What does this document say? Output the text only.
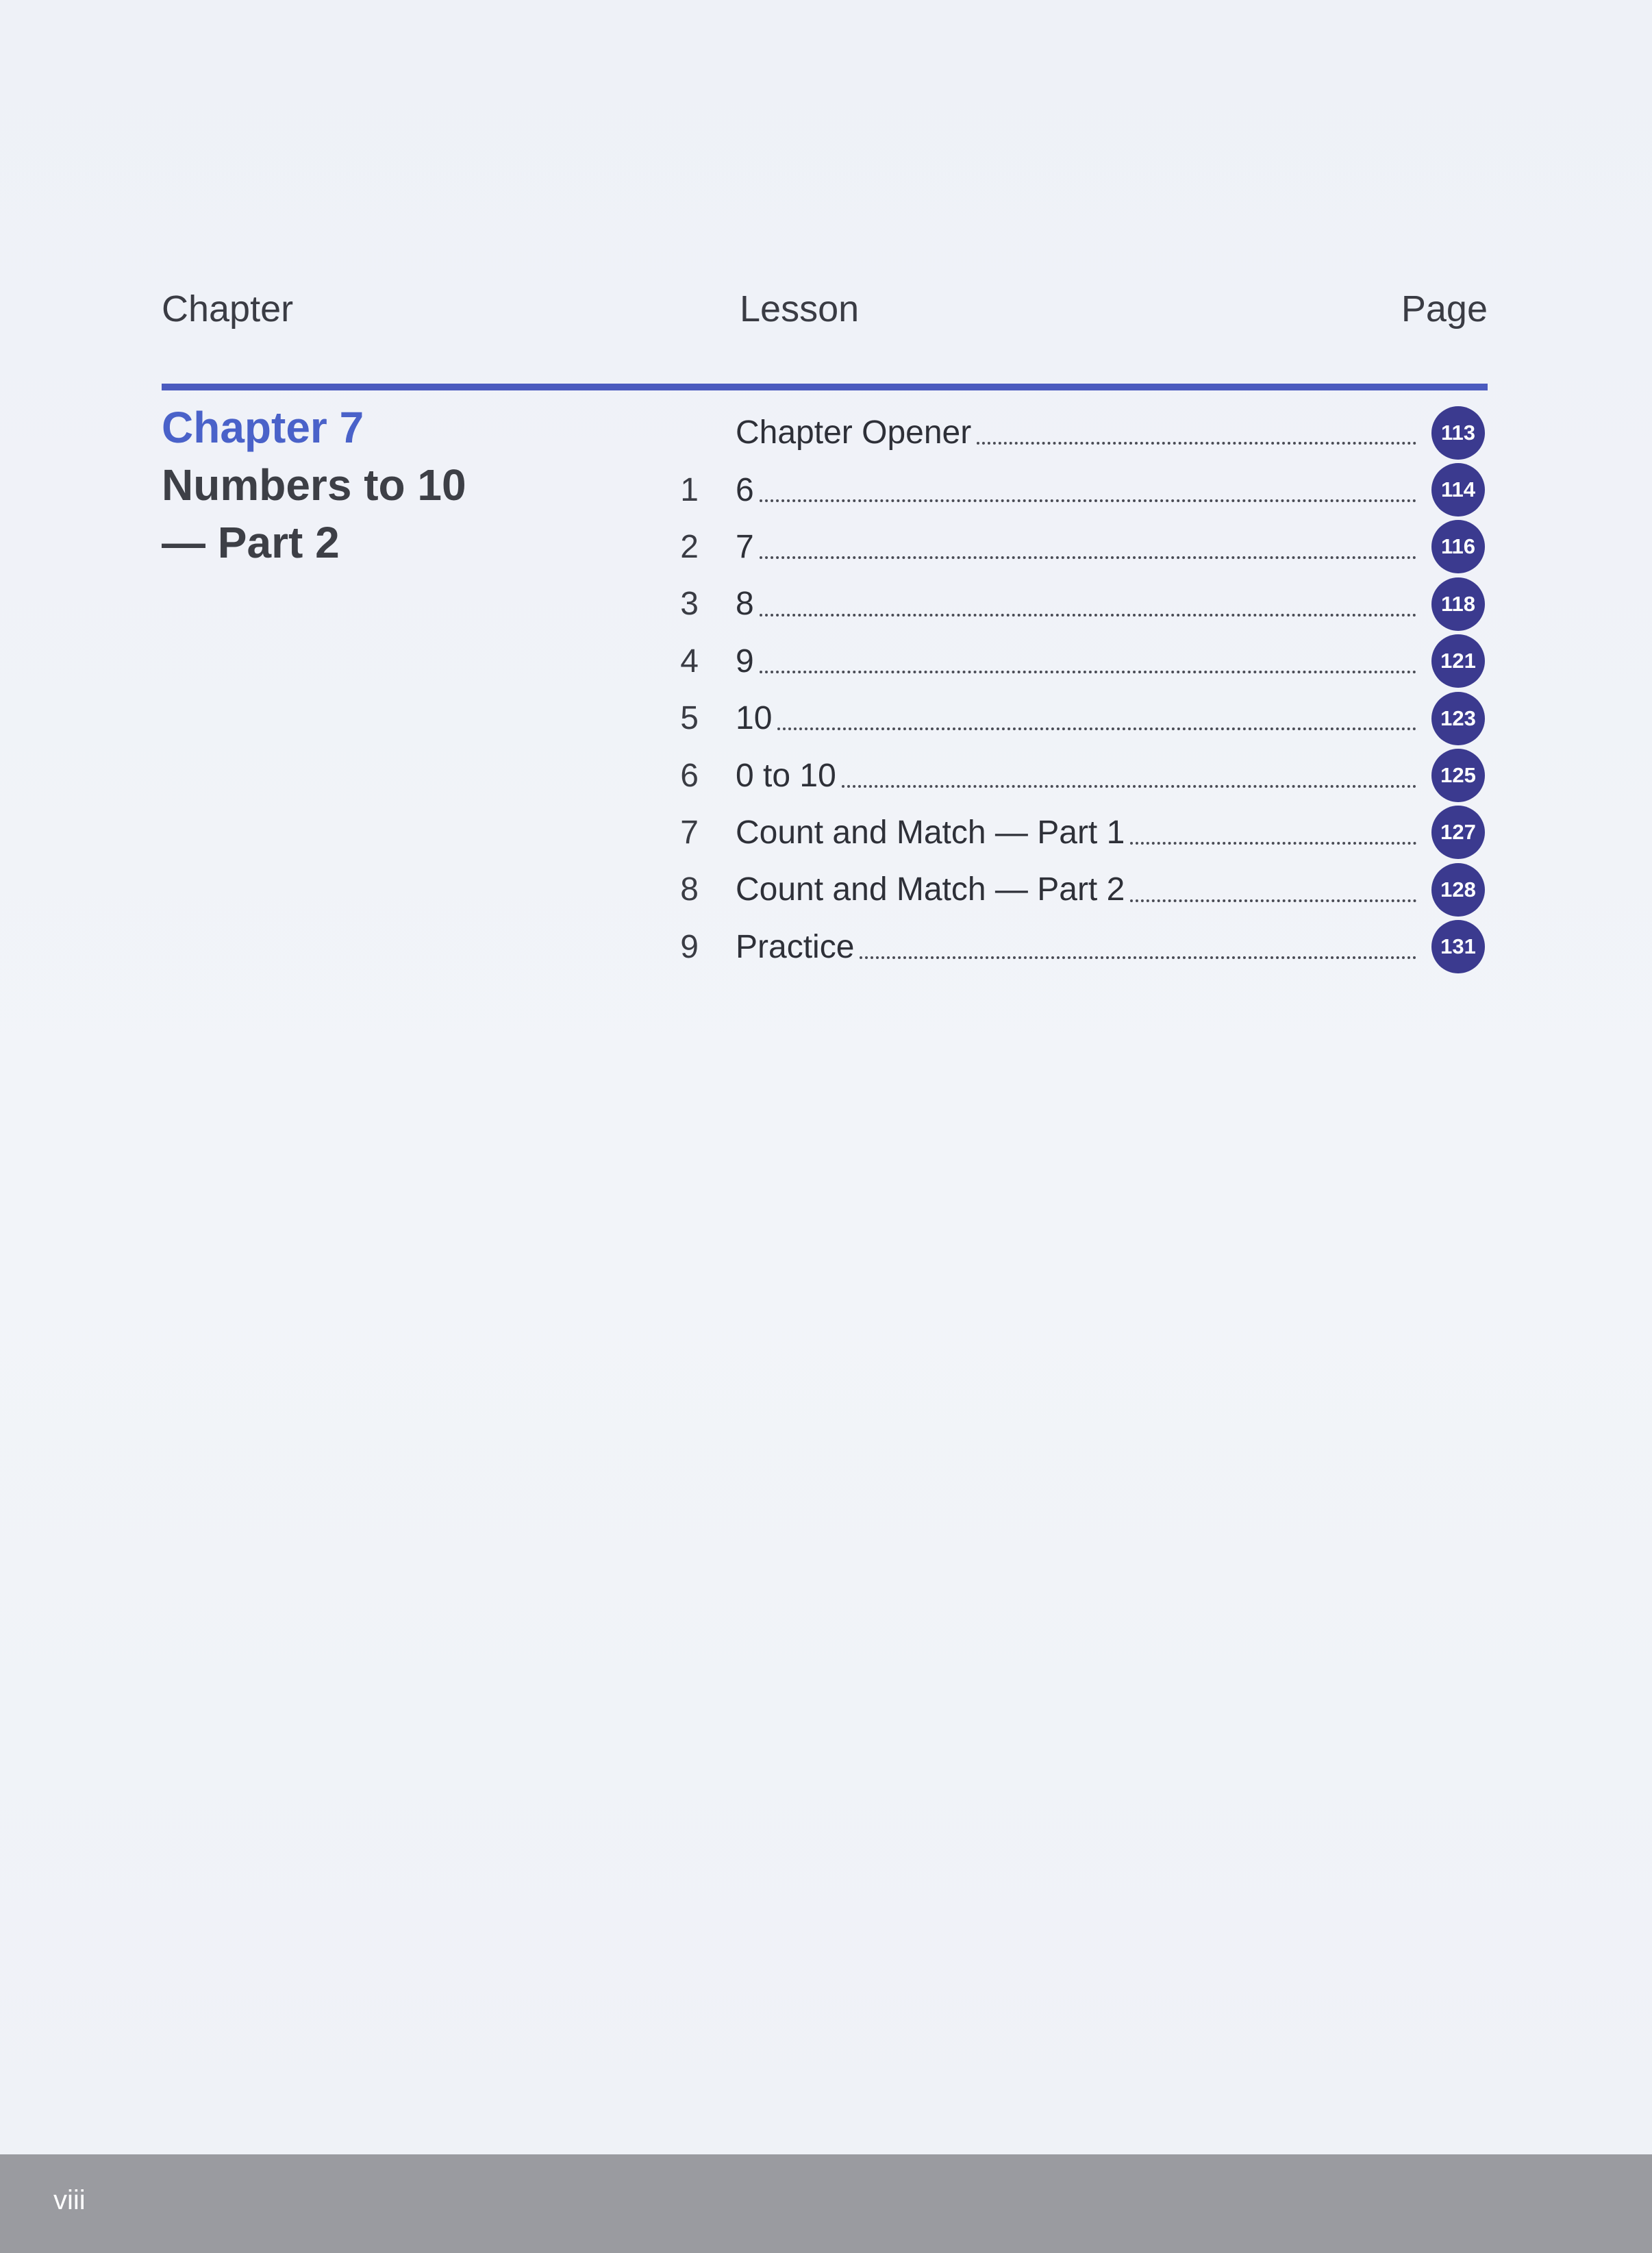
Chapter	Lesson	Page
Chapter 7
Numbers to 10
— Part 2
Chapter Opener	113
1 6	114
2 7	116
3 8	118
4 9	121
5 10	123
6 0 to 10	125
7 Count and Match — Part 1	127
8 Count and Match — Part 2	128
9 Practice	131
viii
